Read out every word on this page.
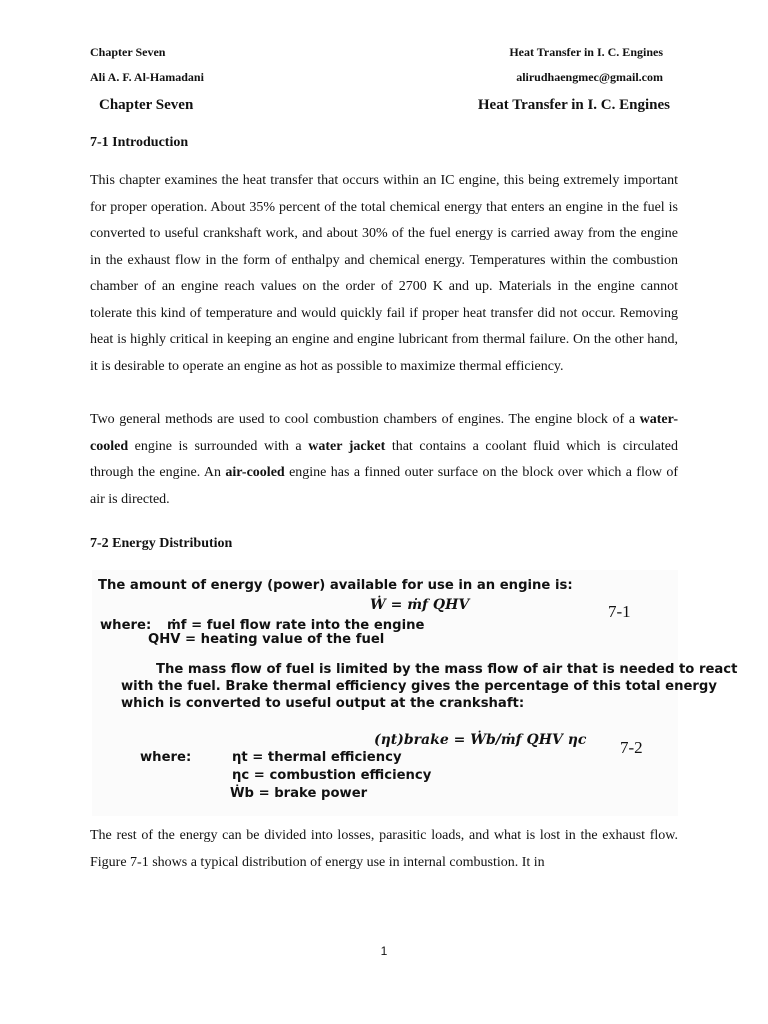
Chapter Seven	Heat Transfer in I. C. Engines
Ali A. F. Al-Hamadani	alirudhaengmec@gmail.com
Chapter Seven	Heat Transfer in I. C. Engines
7-1 Introduction

This chapter examines the heat transfer that occurs within an IC engine, this being extremely important for proper operation. About 35% percent of the total chemical energy that enters an engine in the fuel is converted to useful crankshaft work, and about 30% of the fuel energy is carried away from the engine in the exhaust flow in the form of enthalpy and chemical energy. Temperatures within the combustion chamber of an engine reach values on the order of 2700 K and up. Materials in the engine cannot tolerate this kind of temperature and would quickly fail if proper heat transfer did not occur. Removing heat is highly critical in keeping an engine and engine lubricant from thermal failure. On the other hand, it is desirable to operate an engine as hot as possible to maximize thermal efficiency.

Two general methods are used to cool combustion chambers of engines. The engine block of a water-cooled engine is surrounded with a water jacket that contains a coolant fluid which is circulated through the engine. An air-cooled engine has a finned outer surface on the block over which a flow of air is directed.

7-2 Energy Distribution
The amount of energy (power) available for use in an engine is:
Ẇ = ṁf QHV	7-1
where: ṁf = fuel flow rate into the engine
QHV = heating value of the fuel
The mass flow of fuel is limited by the mass flow of air that is needed to react
with the fuel. Brake thermal efficiency gives the percentage of this total energy
which is converted to useful output at the crankshaft:
(ηt)brake = Ẇb/ṁf QHV ηc 7-2
where:	ηt = thermal efficiency
ηc = combustion efficiency
Ẇb = brake power

The rest of the energy can be divided into losses, parasitic loads, and what is lost in the exhaust flow. Figure 7-1 shows a typical distribution of energy use in internal combustion. It in

1
